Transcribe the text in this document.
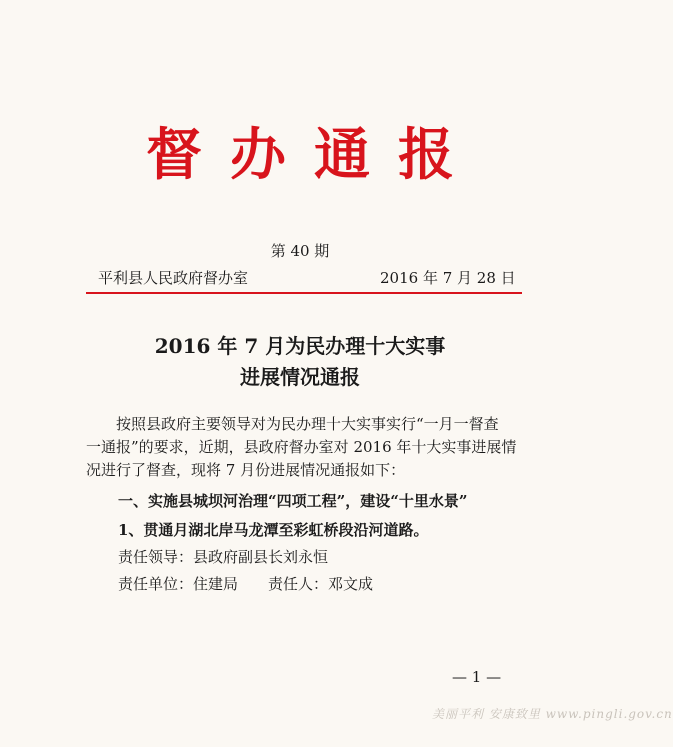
督办通报
第 40 期
平利县人民政府督办室	2016 年 7 月 28 日
2016 年 7 月为民办理十大实事
进展情况通报
按照县政府主要领导对为民办理十大实事实行“一月一督查
一通报”的要求，近期，县政府督办室对 2016 年十大实事进展情
况进行了督查，现将 7 月份进展情况通报如下：
一、实施县城坝河治理“四项工程”，建设“十里水景”
1、贯通月湖北岸马龙潭至彩虹桥段沿河道路。
责任领导：县政府副县长刘永恒
责任单位：住建局　　责任人：邓文成
— 1 —
美丽平利 安康致里 www.pingli.gov.cn
